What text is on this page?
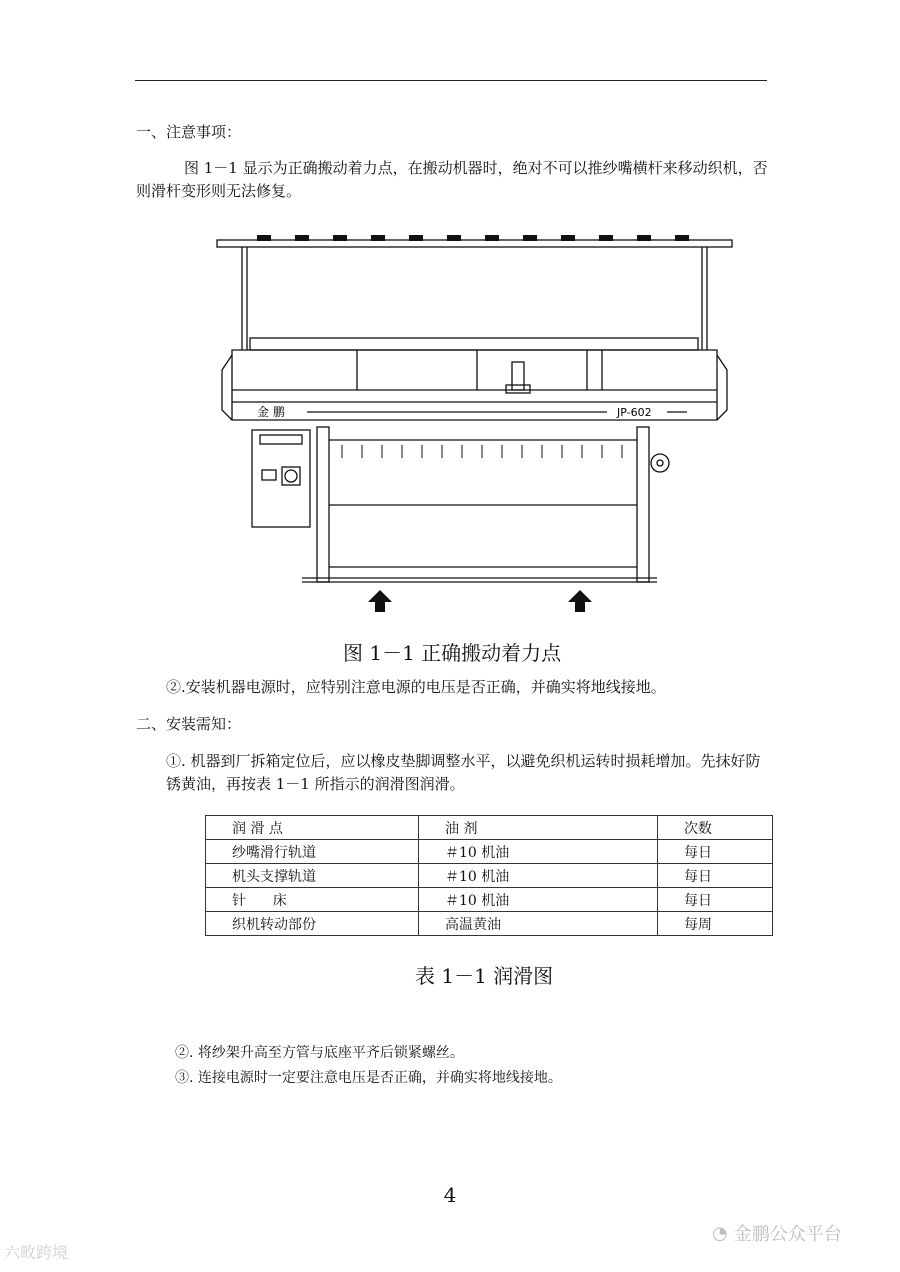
一、注意事项：
图 1－1 显示为正确搬动着力点，在搬动机器时，绝对不可以推纱嘴横杆来移动织机，否则滑杆变形则无法修复。
金 鹏	JP-602
图 1－1 正确搬动着力点
②.安装机器电源时，应特别注意电源的电压是否正确，并确实将地线接地。
二、安装需知：
①. 机器到厂拆箱定位后，应以橡皮垫脚调整水平，以避免织机运转时损耗增加。先抹好防锈黄油，再按表 1－1 所指示的润滑图润滑。
润 滑 点	油 剂	次数
纱嘴滑行轨道	＃10 机油	每日
机头支撑轨道	＃10 机油	每日
针      床	＃10 机油	每日
织机转动部份	高温黄油	每周
表 1－1 润滑图
②. 将纱架升高至方管与底座平齐后锁紧螺丝。
③. 连接电源时一定要注意电压是否正确，并确实将地线接地。
4
六畋跨境
◔ 金鹏公众平台
